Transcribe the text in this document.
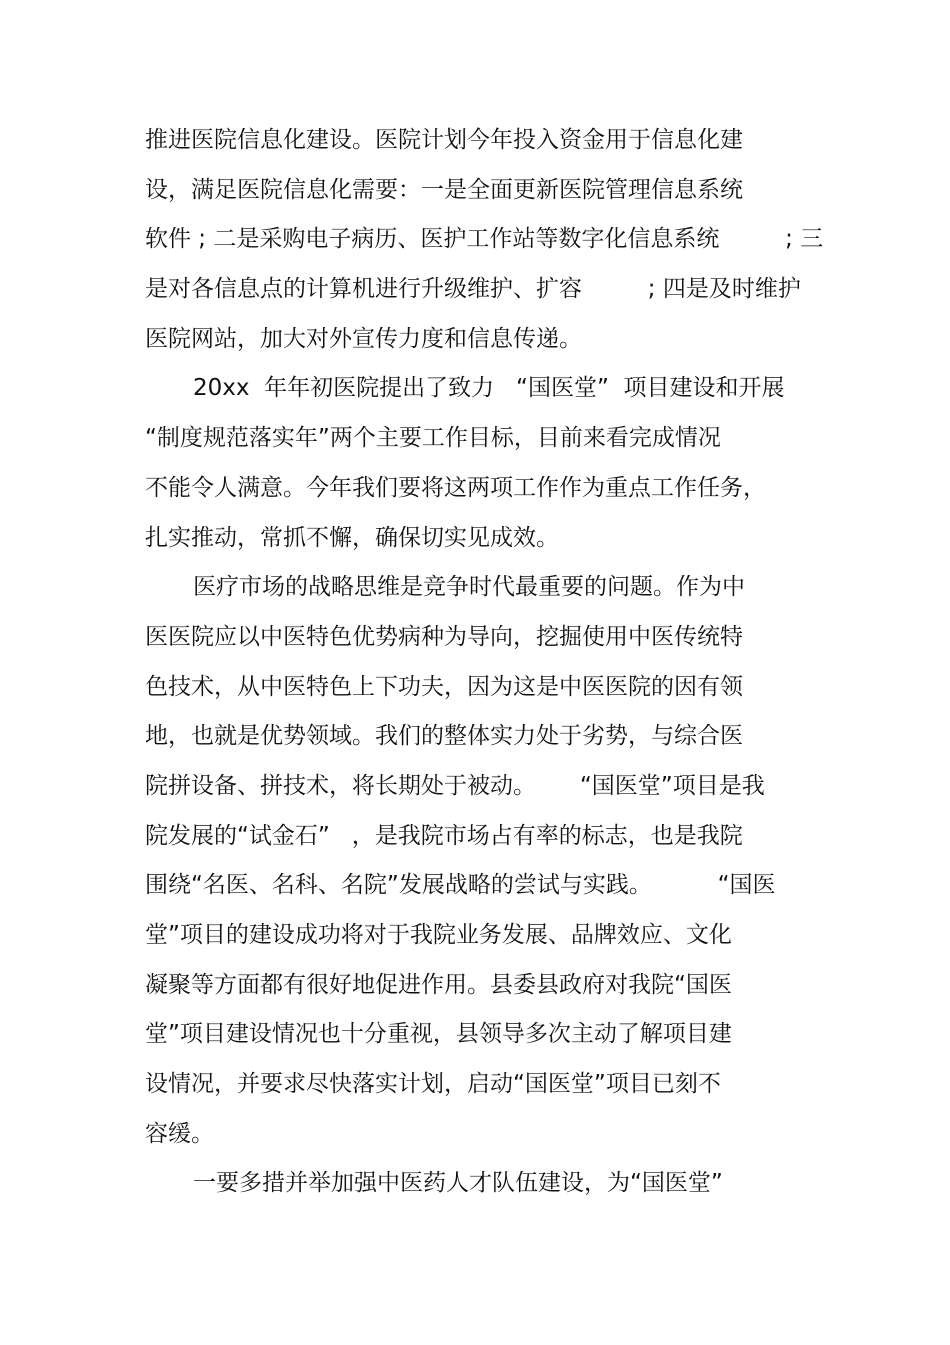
推进医院信息化建设。医院计划今年投入资金用于信息化建
设，满足医院信息化需要：一是全面更新医院管理信息系统
软件 ; 二是采购电子病历、医护工作站等数字化信息系统         ; 三
是对各信息点的计算机进行升级维护、扩容         ; 四是及时维护
医院网站，加大对外宣传力度和信息传递。
20xx  年年初医院提出了致力   “国医堂”  项目建设和开展
“制度规范落实年”两个主要工作目标，目前来看完成情况
不能令人满意。今年我们要将这两项工作作为重点工作任务，
扎实推动，常抓不懈，确保切实见成效。
医疗市场的战略思维是竞争时代最重要的问题。作为中
医医院应以中医特色优势病种为导向，挖掘使用中医传统特
色技术，从中医特色上下功夫，因为这是中医医院的因有领
地，也就是优势领域。我们的整体实力处于劣势，与综合医
院拼设备、拼技术，将长期处于被动。      “国医堂”项目是我
院发展的“试金石”   ，是我院市场占有率的标志，也是我院
围绕“名医、名科、名院”发展战略的尝试与实践。         “国医
堂”项目的建设成功将对于我院业务发展、品牌效应、文化
凝聚等方面都有很好地促进作用。县委县政府对我院“国医
堂”项目建设情况也十分重视，县领导多次主动了解项目建
设情况，并要求尽快落实计划，启动“国医堂”项目已刻不
容缓。
一要多措并举加强中医药人才队伍建设，为“国医堂”
